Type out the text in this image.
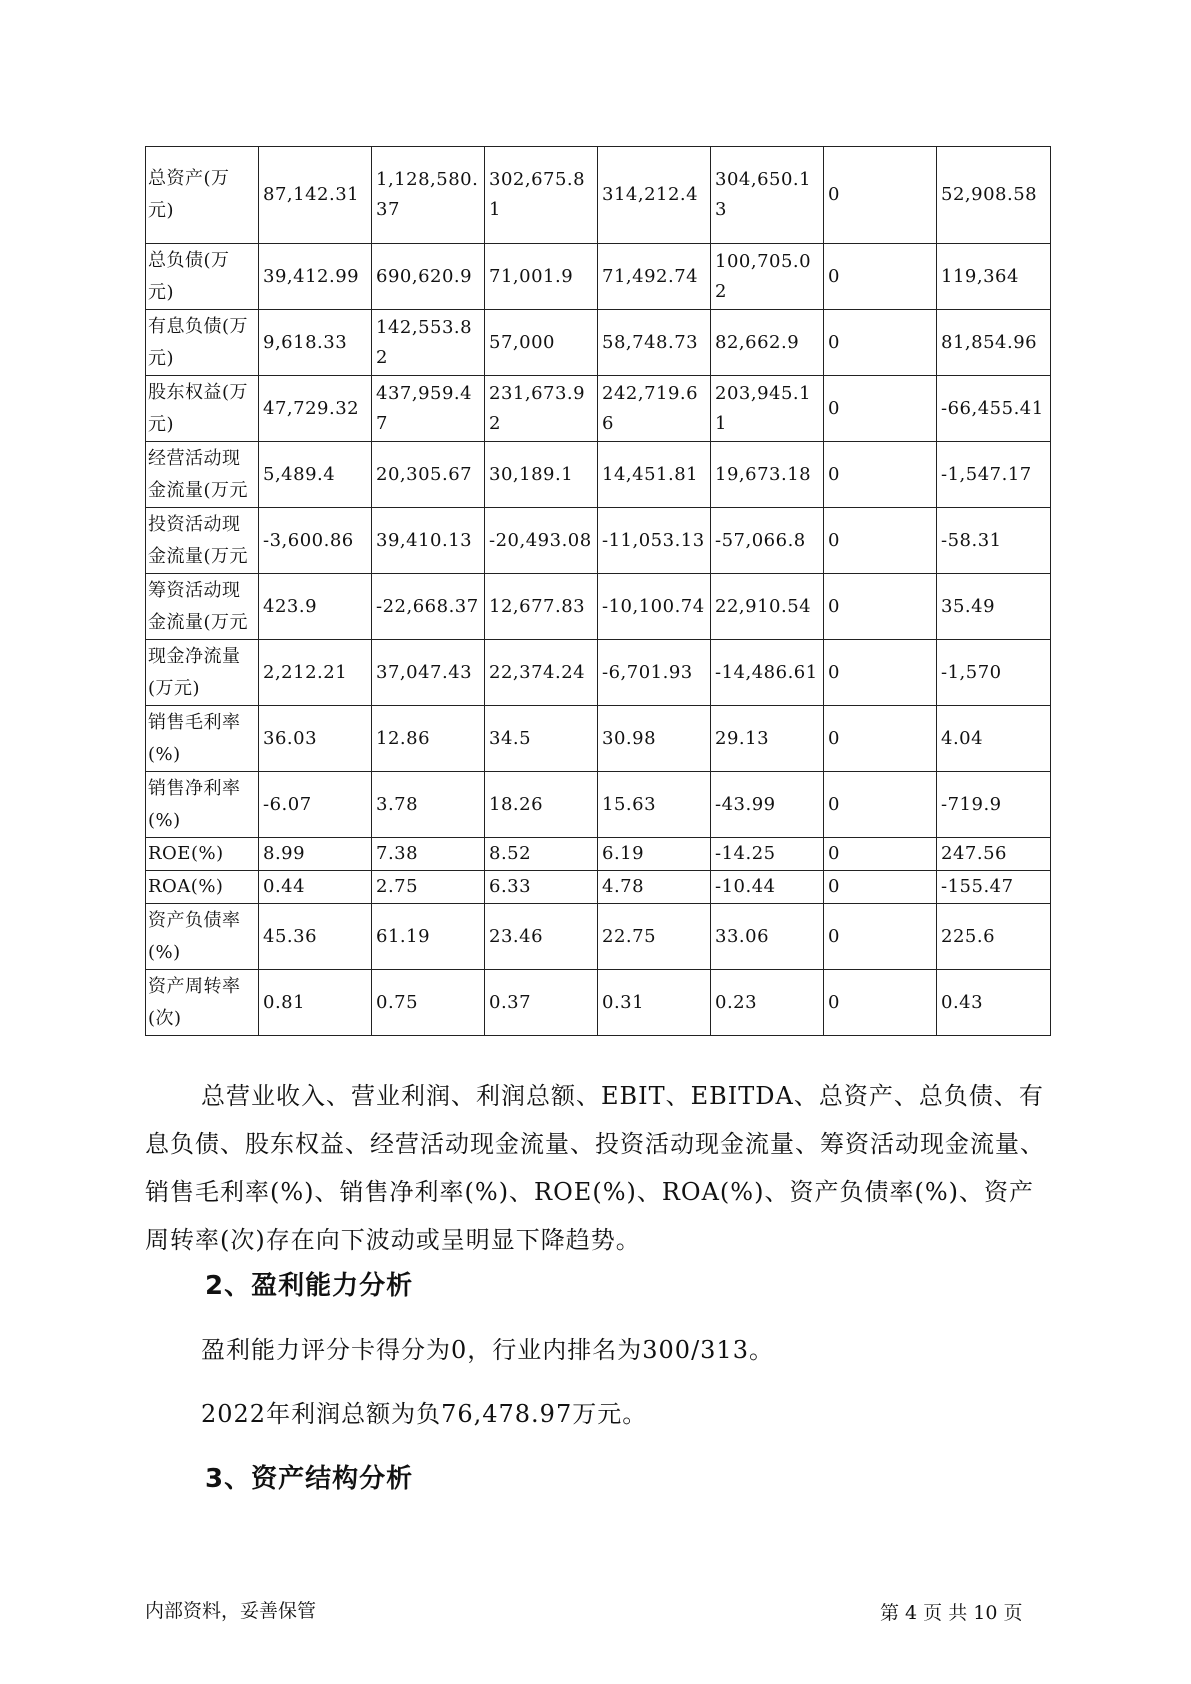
总资产(万元)	87,142.31	1,128,580.37	302,675.81	314,212.4	304,650.13	0	52,908.58
总负债(万元)	39,412.99	690,620.9	71,001.9	71,492.74	100,705.02	0	119,364
有息负债(万元)	9,618.33	142,553.82	57,000	58,748.73	82,662.9	0	81,854.96
股东权益(万元)	47,729.32	437,959.47	231,673.92	242,719.66	203,945.11	0	-66,455.41
经营活动现金流量(万元	5,489.4	20,305.67	30,189.1	14,451.81	19,673.18	0	-1,547.17
投资活动现金流量(万元	-3,600.86	39,410.13	-20,493.08	-11,053.13	-57,066.8	0	-58.31
筹资活动现金流量(万元	423.9	-22,668.37	12,677.83	-10,100.74	22,910.54	0	35.49
现金净流量(万元)	2,212.21	37,047.43	22,374.24	-6,701.93	-14,486.61	0	-1,570
销售毛利率(%)	36.03	12.86	34.5	30.98	29.13	0	4.04
销售净利率(%)	-6.07	3.78	18.26	15.63	-43.99	0	-719.9
ROE(%)	8.99	7.38	8.52	6.19	-14.25	0	247.56
ROA(%)	0.44	2.75	6.33	4.78	-10.44	0	-155.47
资产负债率(%)	45.36	61.19	23.46	22.75	33.06	0	225.6
资产周转率(次)	0.81	0.75	0.37	0.31	0.23	0	0.43
总营业收入、营业利润、利润总额、EBIT、EBITDA、总资产、总负债、有息负债、股东权益、经营活动现金流量、投资活动现金流量、筹资活动现金流量、销售毛利率(%)、销售净利率(%)、ROE(%)、ROA(%)、资产负债率(%)、资产周转率(次)存在向下波动或呈明显下降趋势。
2、盈利能力分析
盈利能力评分卡得分为0，行业内排名为300/313。
2022年利润总额为负76,478.97万元。
3、资产结构分析
内部资料，妥善保管	第 4 页 共 10 页
